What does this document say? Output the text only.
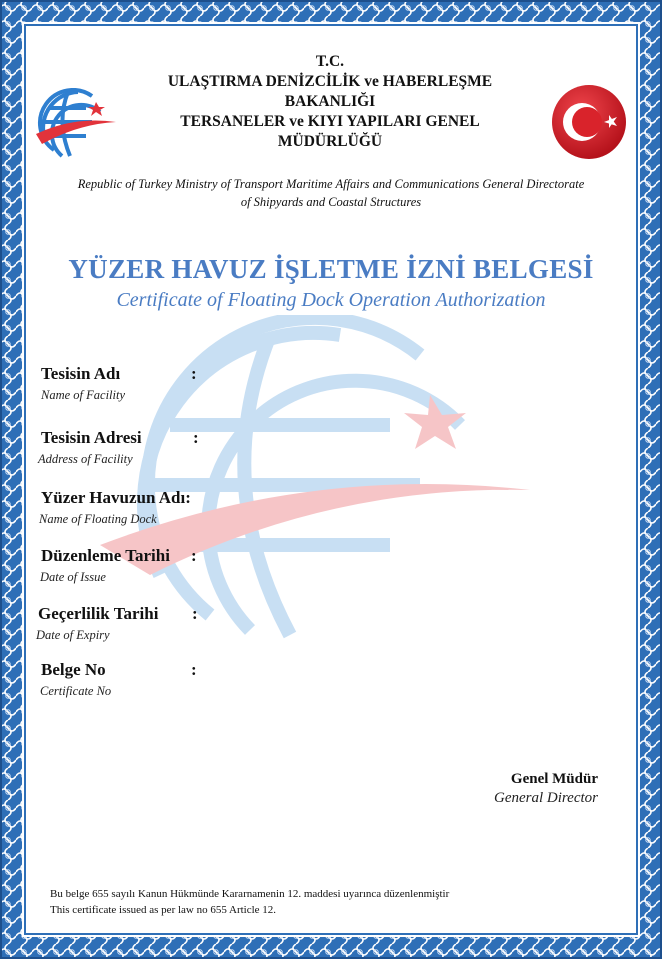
T.C.
ULAŞTIRMA DENİZCİLİK ve HABERLEŞME
BAKANLIĞI
TERSANELER ve KIYI YAPILARI GENEL
MÜDÜRLÜĞÜ
Republic of Turkey Ministry of Transport Maritime Affairs and Communications General Directorate
of Shipyards and Coastal Structures
YÜZER HAVUZ İŞLETME İZNİ BELGESİ
Certificate of Floating Dock Operation Authorization
Tesisin Adı	:
Name of Facility
Tesisin Adresi	:
Address of Facility
Yüzer Havuzun Adı:
Name of Floating Dock
Düzenleme Tarihi :
Date of Issue
Geçerlilik Tarihi :
Date of Expiry
Belge No	:
Certificate No
Genel Müdür
General Director
Bu belge 655 sayılı Kanun Hükmünde Kararnamenin 12. maddesi uyarınca düzenlenmiştir
This certificate issued as per law no 655 Article 12.
